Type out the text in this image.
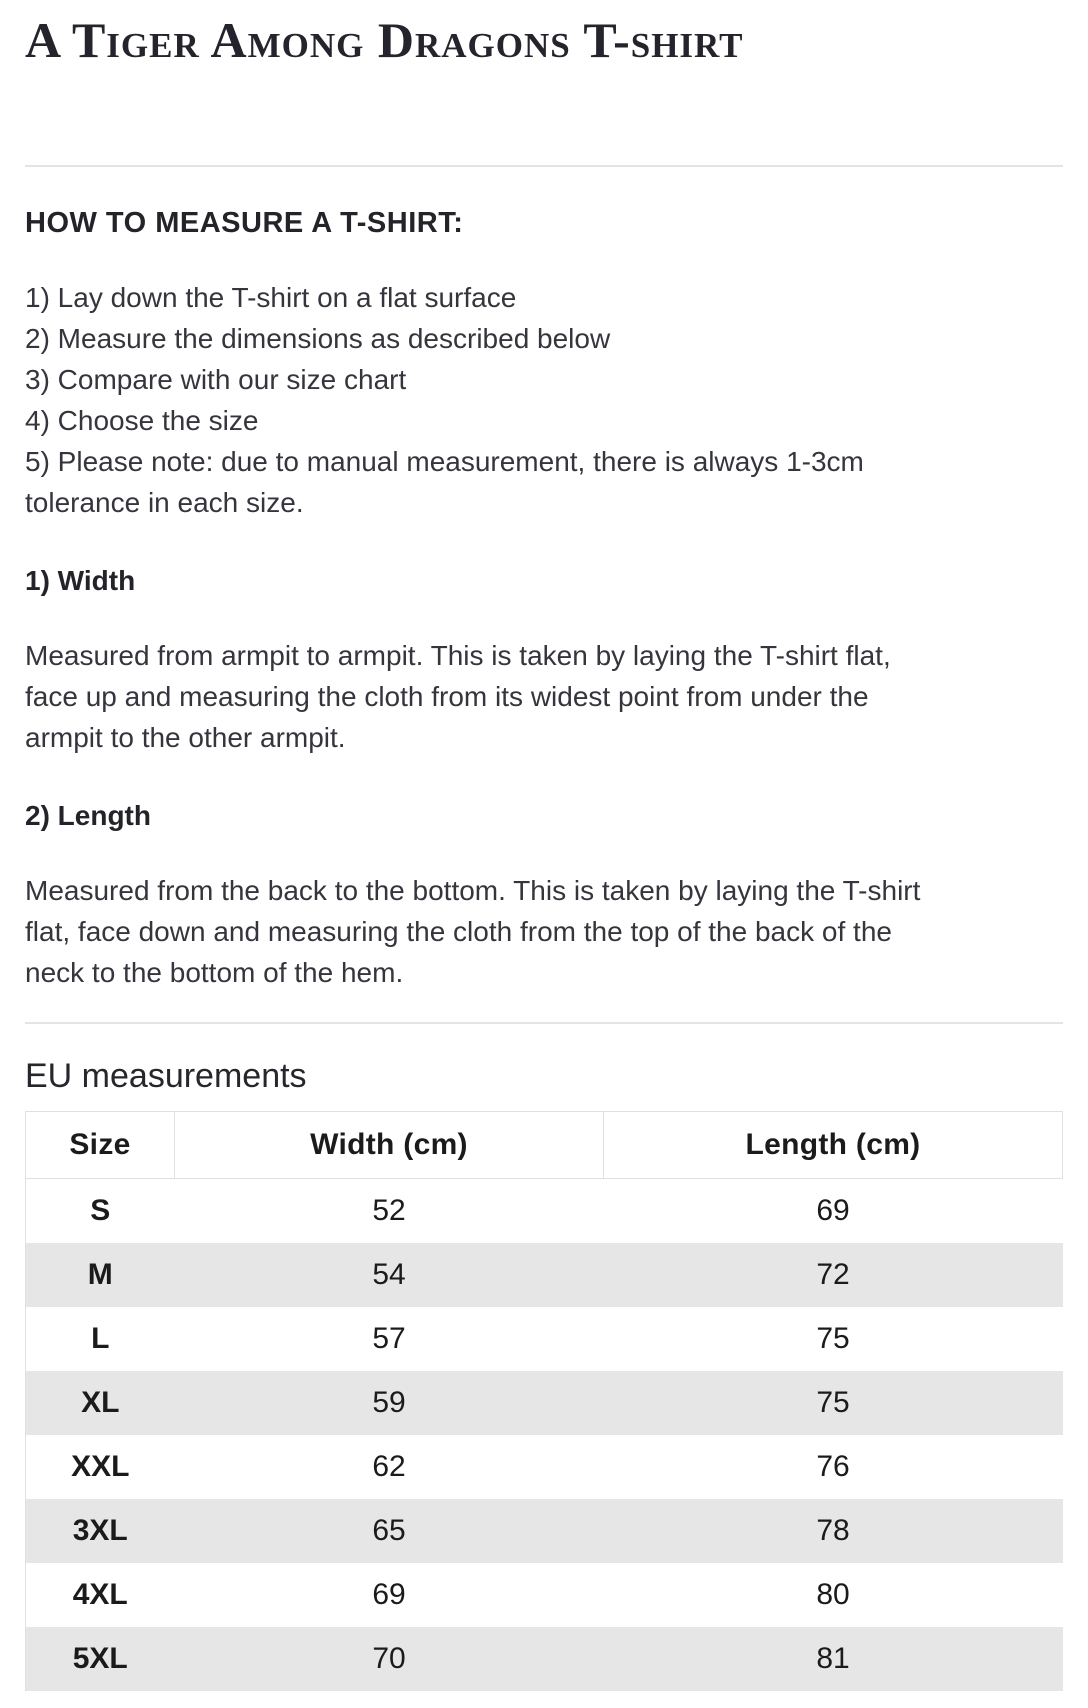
A Tiger Among Dragons T-shirt
HOW TO MEASURE A T-SHIRT:
1) Lay down the T-shirt on a flat surface
2) Measure the dimensions as described below
3) Compare with our size chart
4) Choose the size
5) Please note: due to manual measurement, there is always 1-3cm
tolerance in each size.
1) Width
Measured from armpit to armpit. This is taken by laying the T-shirt flat,
face up and measuring the cloth from its widest point from under the
armpit to the other armpit.
2) Length
Measured from the back to the bottom. This is taken by laying the T-shirt
flat, face down and measuring the cloth from the top of the back of the
neck to the bottom of the hem.
EU measurements
Size	Width (cm)	Length (cm)
S	52	69
M	54	72
L	57	75
XL	59	75
XXL	62	76
3XL	65	78
4XL	69	80
5XL	70	81
